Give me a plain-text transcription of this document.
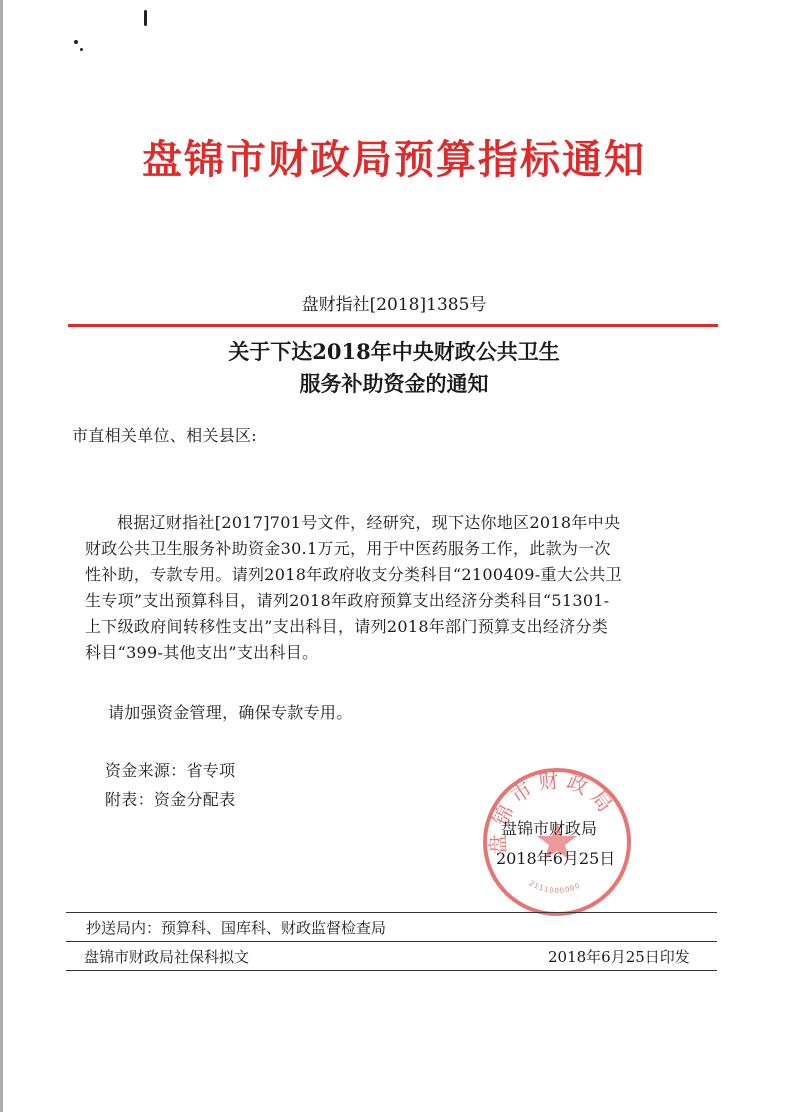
盘锦市财政局预算指标通知
盘财指社[2018]1385号
关于下达2018年中央财政公共卫生
服务补助资金的通知
市直相关单位、相关县区:
根据辽财指社[2017]701号文件，经研究，现下达你地区2018年中央
财政公共卫生服务补助资金30.1万元，用于中医药服务工作，此款为一次
性补助，专款专用。请列2018年政府收支分类科目“2100409-重大公共卫
生专项”支出预算科目，请列2018年政府预算支出经济分类科目“51301-
上下级政府间转移性支出”支出科目，请列2018年部门预算支出经济分类
科目“399-其他支出”支出科目。
请加强资金管理，确保专款专用。
资金来源：省专项
附表：资金分配表
盘锦市财政局
2111000000
盘锦市财政局
2018年6月25日
抄送局内：预算科、国库科、财政监督检查局
盘锦市财政局社保科拟文	2018年6月25日印发
